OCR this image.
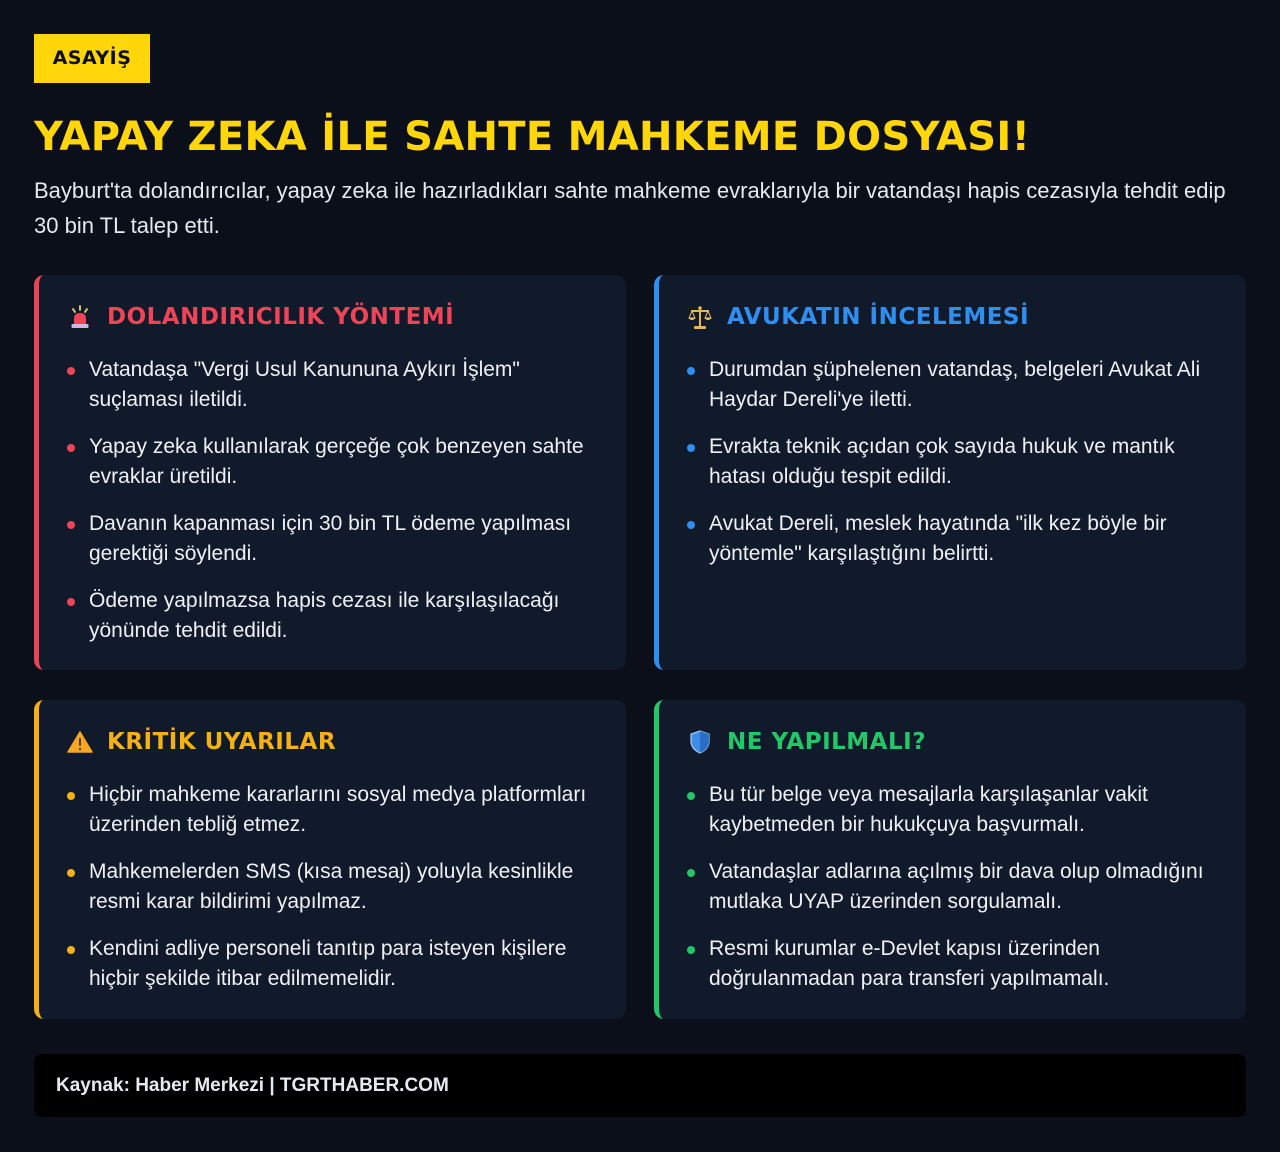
ASAYİŞ
YAPAY ZEKA İLE SAHTE MAHKEME DOSYASI!

Bayburt'ta dolandırıcılar, yapay zeka ile hazırladıkları sahte mahkeme evraklarıyla bir vatandaşı hapis cezasıyla tehdit edip 30 bin TL talep etti.

DOLANDIRICILIK YÖNTEMİ
Vatandaşa "Vergi Usul Kanununa Aykırı İşlem" suçlaması iletildi.
Yapay zeka kullanılarak gerçeğe çok benzeyen sahte evraklar üretildi.
Davanın kapanması için 30 bin TL ödeme yapılması gerektiği söylendi.
Ödeme yapılmazsa hapis cezası ile karşılaşılacağı yönünde tehdit edildi.
AVUKATIN İNCELEMESİ
Durumdan şüphelenen vatandaş, belgeleri Avukat Ali Haydar Dereli'ye iletti.
Evrakta teknik açıdan çok sayıda hukuk ve mantık hatası olduğu tespit edildi.
Avukat Dereli, meslek hayatında "ilk kez böyle bir yöntemle" karşılaştığını belirtti.
KRİTİK UYARILAR
Hiçbir mahkeme kararlarını sosyal medya platformları üzerinden tebliğ etmez.
Mahkemelerden SMS (kısa mesaj) yoluyla kesinlikle resmi karar bildirimi yapılmaz.
Kendini adliye personeli tanıtıp para isteyen kişilere hiçbir şekilde itibar edilmemelidir.
NE YAPILMALI?
Bu tür belge veya mesajlarla karşılaşanlar vakit kaybetmeden bir hukukçuya başvurmalı.
Vatandaşlar adlarına açılmış bir dava olup olmadığını mutlaka UYAP üzerinden sorgulamalı.
Resmi kurumlar e-Devlet kapısı üzerinden doğrulanmadan para transferi yapılmamalı.
Kaynak: Haber Merkezi | TGRTHABER.COM
